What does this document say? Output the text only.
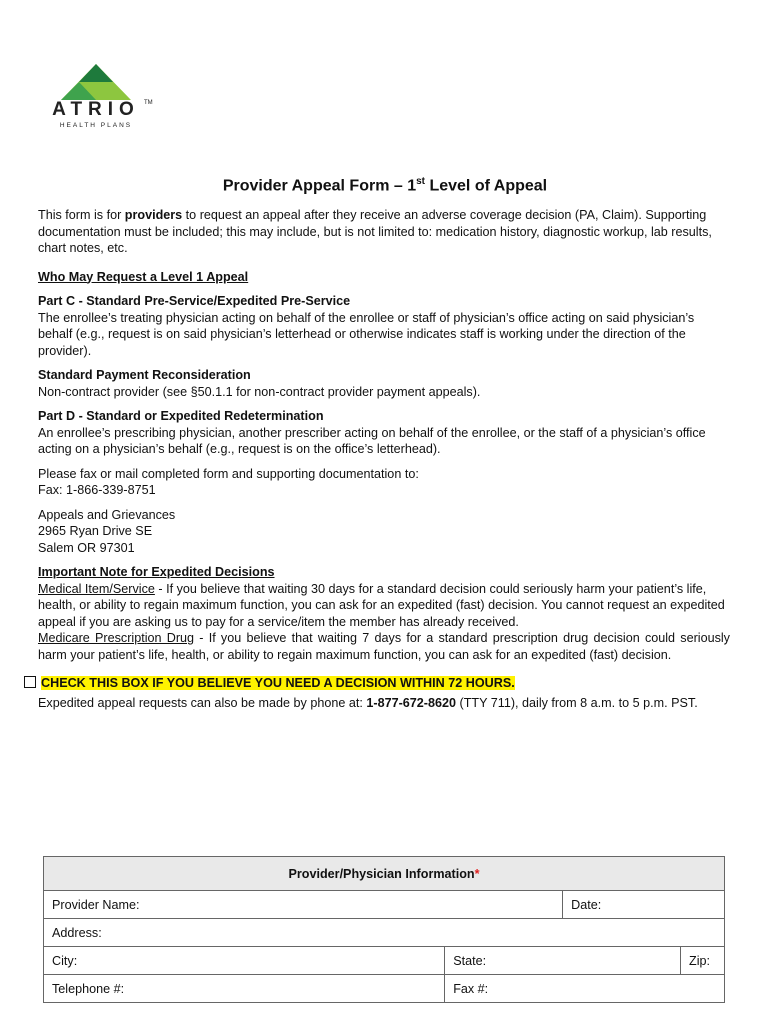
ATRIO TM
HEALTH PLANS
Provider Appeal Form – 1st Level of Appeal

This form is for providers to request an appeal after they receive an adverse coverage decision (PA, Claim). Supporting documentation must be included; this may include, but is not limited to: medication history, diagnostic workup, lab results, chart notes, etc.

Who May Request a Level 1 Appeal

Part C - Standard Pre-Service/Expedited Pre-Service

The enrollee’s treating physician acting on behalf of the enrollee or staff of physician’s office acting on said physician’s behalf (e.g., request is on said physician’s letterhead or otherwise indicates staff is working under the direction of the provider).

Standard Payment Reconsideration

Non-contract provider (see §50.1.1 for non-contract provider payment appeals).

Part D - Standard or Expedited Redetermination

An enrollee’s prescribing physician, another prescriber acting on behalf of the enrollee, or the staff of a physician’s office acting on a physician’s behalf (e.g., request is on the office’s letterhead).

Please fax or mail completed form and supporting documentation to:

Fax: 1-866-339-8751

Appeals and Grievances

2965 Ryan Drive SE

Salem OR 97301

Important Note for Expedited Decisions

Medical Item/Service - If you believe that waiting 30 days for a standard decision could seriously harm your patient’s life, health, or ability to regain maximum function, you can ask for an expedited (fast) decision. You cannot request an expedited appeal if you are asking us to pay for a service/item the member has already received.

Medicare Prescription Drug - If you believe that waiting 7 days for a standard prescription drug decision could seriously harm your patient’s life, health, or ability to regain maximum function, you can ask for an expedited (fast) decision.

CHECK THIS BOX IF YOU BELIEVE YOU NEED A DECISION WITHIN 72 HOURS.

Expedited appeal requests can also be made by phone at: 1-877-672-8620 (TTY 711), daily from 8 a.m. to 5 p.m. PST.

Provider/Physician Information*			
Provider Name:		Date:	
Address:			
City:	State:		Zip:
Telephone #:	Fax #:		
